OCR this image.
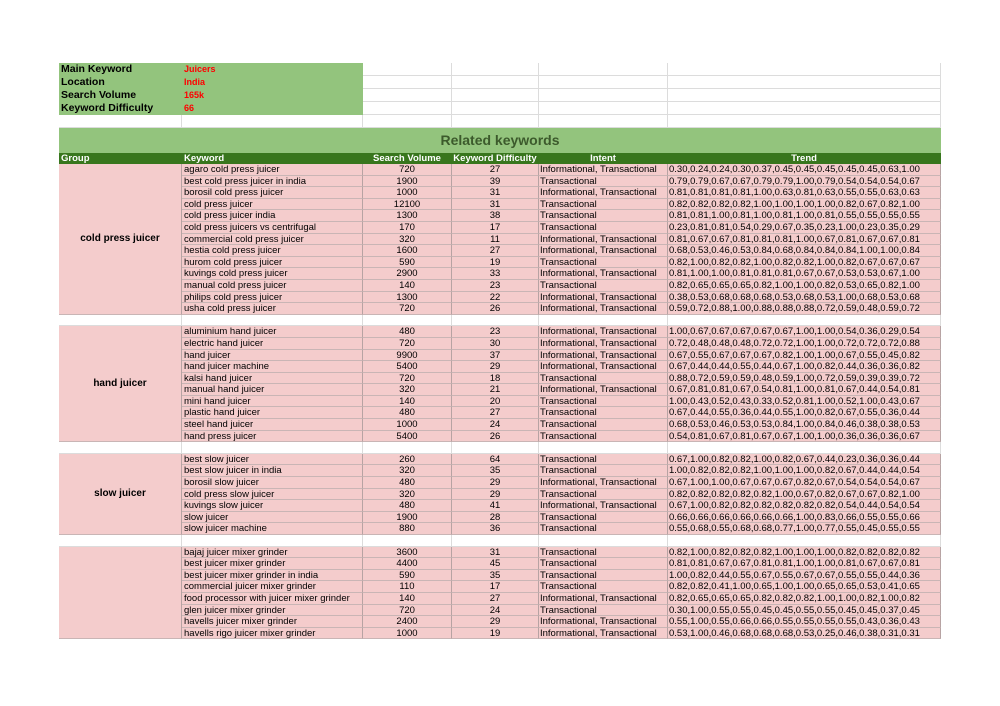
Main Keyword	Juicers
Location	India
Search Volume	165k
Keyword Difficulty	66
Related keywords
Group	Keyword	Search Volume	Keyword Difficulty	Intent	Trend
cold press juicer
agaro cold press juicer	720	27	Informational, Transactional	0.30,0.24,0.24,0.30,0.37,0.45,0.45,0.45,0.45,0.45,0.63,1.00
best cold press juicer in india	1900	39	Transactional	0.79,0.79,0.67,0.67,0.79,0.79,1.00,0.79,0.54,0.54,0.54,0.67
borosil cold press juicer	1000	31	Informational, Transactional	0.81,0.81,0.81,0.81,1.00,0.63,0.81,0.63,0.55,0.55,0.63,0.63
cold press juicer	12100	31	Transactional	0.82,0.82,0.82,0.82,1.00,1.00,1.00,1.00,0.82,0.67,0.82,1.00
cold press juicer india	1300	38	Transactional	0.81,0.81,1.00,0.81,1.00,0.81,1.00,0.81,0.55,0.55,0.55,0.55
cold press juicers vs centrifugal	170	17	Transactional	0.23,0.81,0.81,0.54,0.29,0.67,0.35,0.23,1.00,0.23,0.35,0.29
commercial cold press juicer	320	11	Informational, Transactional	0.81,0.67,0.67,0.81,0.81,0.81,1.00,0.67,0.81,0.67,0.67,0.81
hestia cold press juicer	1600	27	Informational, Transactional	0.68,0.53,0.46,0.53,0.84,0.68,0.84,0.84,0.84,1.00,1.00,0.84
hurom cold press juicer	590	19	Transactional	0.82,1.00,0.82,0.82,1.00,0.82,0.82,1.00,0.82,0.67,0.67,0.67
kuvings cold press juicer	2900	33	Informational, Transactional	0.81,1.00,1.00,0.81,0.81,0.81,0.67,0.67,0.53,0.53,0.67,1.00
manual cold press juicer	140	23	Transactional	0.82,0.65,0.65,0.65,0.82,1.00,1.00,0.82,0.53,0.65,0.82,1.00
philips cold press juicer	1300	22	Informational, Transactional	0.38,0.53,0.68,0.68,0.68,0.53,0.68,0.53,1.00,0.68,0.53,0.68
usha cold press juicer	720	26	Informational, Transactional	0.59,0.72,0.88,1.00,0.88,0.88,0.88,0.72,0.59,0.48,0.59,0.72
hand juicer
aluminium hand juicer	480	23	Informational, Transactional	1.00,0.67,0.67,0.67,0.67,0.67,1.00,1.00,0.54,0.36,0.29,0.54
electric hand juicer	720	30	Informational, Transactional	0.72,0.48,0.48,0.48,0.72,0.72,1.00,1.00,0.72,0.72,0.72,0.88
hand juicer	9900	37	Informational, Transactional	0.67,0.55,0.67,0.67,0.67,0.82,1.00,1.00,0.67,0.55,0.45,0.82
hand juicer machine	5400	29	Informational, Transactional	0.67,0.44,0.44,0.55,0.44,0.67,1.00,0.82,0.44,0.36,0.36,0.82
kalsi hand juicer	720	18	Transactional	0.88,0.72,0.59,0.59,0.48,0.59,1.00,0.72,0.59,0.39,0.39,0.72
manual hand juicer	320	21	Informational, Transactional	0.67,0.81,0.81,0.67,0.54,0.81,1.00,0.81,0.67,0.44,0.54,0.81
mini hand juicer	140	20	Transactional	1.00,0.43,0.52,0.43,0.33,0.52,0.81,1.00,0.52,1.00,0.43,0.67
plastic hand juicer	480	27	Transactional	0.67,0.44,0.55,0.36,0.44,0.55,1.00,0.82,0.67,0.55,0.36,0.44
steel hand juicer	1000	24	Transactional	0.68,0.53,0.46,0.53,0.53,0.84,1.00,0.84,0.46,0.38,0.38,0.53
hand press juicer	5400	26	Transactional	0.54,0.81,0.67,0.81,0.67,0.67,1.00,1.00,0.36,0.36,0.36,0.67
slow juicer
best slow juicer	260	64	Transactional	0.67,1.00,0.82,0.82,1.00,0.82,0.67,0.44,0.23,0.36,0.36,0.44
best slow juicer in india	320	35	Transactional	1.00,0.82,0.82,0.82,1.00,1.00,1.00,0.82,0.67,0.44,0.44,0.54
borosil slow juicer	480	29	Informational, Transactional	0.67,1.00,1.00,0.67,0.67,0.67,0.82,0.67,0.54,0.54,0.54,0.67
cold press slow juicer	320	29	Transactional	0.82,0.82,0.82,0.82,0.82,1.00,0.67,0.82,0.67,0.67,0.82,1.00
kuvings slow juicer	480	41	Informational, Transactional	0.67,1.00,0.82,0.82,0.82,0.82,0.82,0.82,0.54,0.44,0.54,0.54
slow juicer	1900	28	Transactional	0.66,0.66,0.66,0.66,0.66,0.66,1.00,0.83,0.66,0.55,0.55,0.66
slow juicer machine	880	36	Transactional	0.55,0.68,0.55,0.68,0.68,0.77,1.00,0.77,0.55,0.45,0.55,0.55
bajaj juicer mixer grinder	3600	31	Transactional	0.82,1.00,0.82,0.82,0.82,1.00,1.00,1.00,0.82,0.82,0.82,0.82
best juicer mixer grinder	4400	45	Transactional	0.81,0.81,0.67,0.67,0.81,0.81,1.00,1.00,0.81,0.67,0.67,0.81
best juicer mixer grinder in india	590	35	Transactional	1.00,0.82,0.44,0.55,0.67,0.55,0.67,0.67,0.55,0.55,0.44,0.36
commercial juicer mixer grinder	110	17	Transactional	0.82,0.82,0.41,1.00,0.65,1.00,1.00,0.65,0.65,0.53,0.41,0.65
food processor with juicer mixer grinder	140	27	Informational, Transactional	0.82,0.65,0.65,0.65,0.82,0.82,0.82,1.00,1.00,0.82,1.00,0.82
glen juicer mixer grinder	720	24	Transactional	0.30,1.00,0.55,0.55,0.45,0.45,0.55,0.55,0.45,0.45,0.37,0.45
havells juicer mixer grinder	2400	29	Informational, Transactional	0.55,1.00,0.55,0.66,0.66,0.55,0.55,0.55,0.55,0.43,0.36,0.43
havells rigo juicer mixer grinder	1000	19	Informational, Transactional	0.53,1.00,0.46,0.68,0.68,0.68,0.53,0.25,0.46,0.38,0.31,0.31
